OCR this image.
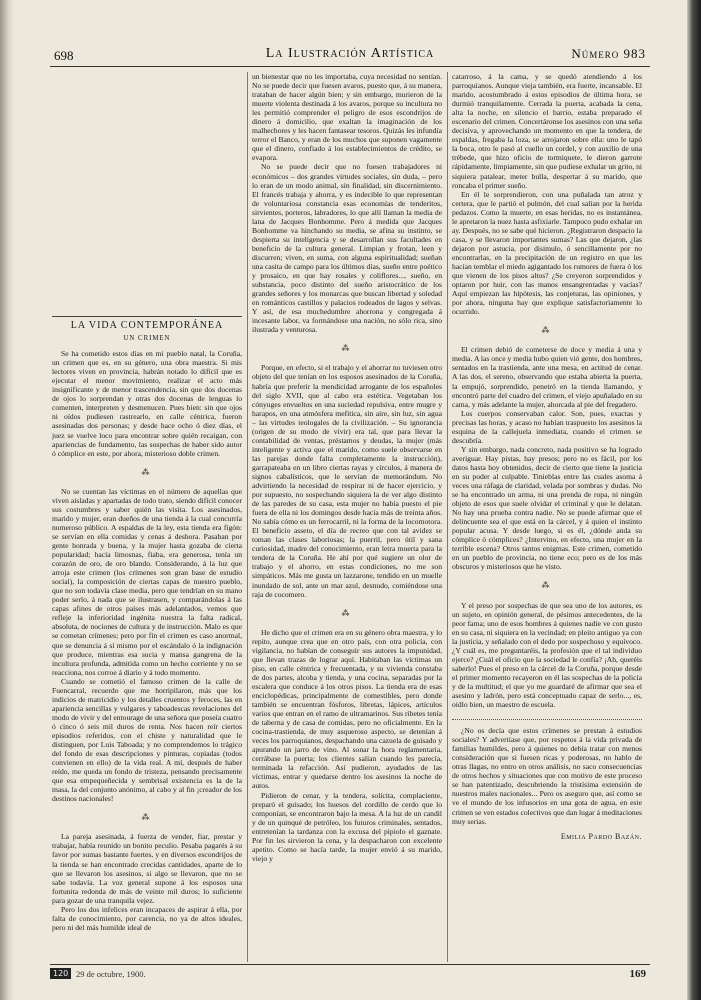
698	La Ilustración Artística	Número 983
LA VIDA CONTEMPORÁNEA
UN CRIMEN

Se ha cometido estos días en mi pueblo natal, la Coruña, un crimen que es, en su género, una obra maestra. Si mis lectores viven en provincia, habrán notado lo difícil que es ejecutar el menor movimiento, realizar el acto más insignificante y de menor trascendencia, sin que dos docenas de ojos lo sorprendan y otras dos docenas de lenguas lo comenten, interpreten y desmenucen. Pues bien: sin que ojos ni oídos pudiesen rastrearlo, en calle céntrica, fueron asesinadas dos personas; y desde hace ocho ó diez días, el juez se vuelve loco para encontrar sobre quién recaigan, con apariencias de fundamento, las sospechas de haber sido autor ó cómplice en este, por ahora, misterioso doble crimen.

⁂

No se cuentan las víctimas en el número de aquellas que viven aisladas y apartadas de todo trato, siendo difícil conocer sus costumbres y saber quién las visita. Los asesinados, marido y mujer, eran dueños de una tienda á la cual concurría numeroso público. A espaldas de la ley, esta tienda era figón: se servían en ella comidas y cenas á deshora. Pasaban por gente honrada y buena, y la mujer hasta gozaba de cierta popularidad; hacía limosnas, fiaba, era generosa, tenía un corazón de oro, de oro blando. Considerando, á la luz que arroja este crimen (los crímenes son gran base de estudio social), la composición de ciertas capas de nuestro pueblo, que no son todavía clase media, pero que tendrían en su mano poder serlo, á nada que se ilustrasen, y comparándolas á las capas afines de otros países más adelantados, vemos que refleje la inferioridad ingénita nuestra la falta radical, absoluta, de nociones de cultura y de instrucción. Malo es que se cometan crímenes; pero por fin el crimen es caso anormal, que se denuncia á sí mismo por el escándalo ó la indignación que produce, mientras esa sucia y mansa gangrena de la incultura profunda, admitida como un hecho corriente y no se reacciona, nos corroe á diario y á todo momento.

Cuando se cometió el famoso crimen de la calle de Fuencarral, recuerdo que me horripilaron, más que los indicios de matricidio y los detalles cruentos y feroces, las en apariencia sencillas y vulgares y taboadescas revelaciones del modo de vivir y del entourage de una señora que poseía cuatro ó cinco ó seis mil duros de renta. Nos hacen reír ciertos episodios referidos, con el chiste y naturalidad que le distinguen, por Luis Taboada; y no comprendemos lo trágico del fondo de esas descripciones y pinturas, copiadas (todos convienen en ello) de la vida real. A mí, después de haber reído, me queda un fondo de tristeza, pensando precisamente que esa empequeñecida y sembrisal existencia es la de la masa, la del conjunto anónimo, al cabo y al fin ¡creador de los destinos nacionales!

⁂

La pareja asesinada, á fuerza de vender, fiar, prestar y trabajar, había reunido un bonito peculio. Pesaba pagarés á su favor por sumas bastante fuertes, y en diversos escondrijos de la tienda se han encontrado crecidas cantidades, aparte de lo que se llevaron los asesinos, si algo se llevaron, que no se sabe todavía. La voz general supone á los esposos una fortunita redonda de más de veinte mil duros; lo suficiente para gozar de una tranquila vejez.

Pero los dos infelices eran incapaces de aspirar á ella, por falta de conocimiento, por carencia, no ya de altos ideales, pero ni del más humilde ideal de

un bienestar que no les importaba, cuya necesidad no sentían. No se puede decir que fuesen avaros, puesto que, á su manera, trataban de hacer algún bien; y sin embargo, murieron de la muerte violenta destinada á los avaros, porque su incultura no les permitió comprender el peligro de esos escondrijos de dinero á domicilio, que exaltan la imaginación de los malhechores y les hacen fantasear tesoros. Quizás les infundía terror el Banco, y eran de los muchos que suponen vagamente que el dinero, confiado á los establecimientos de crédito, se evapora.

No se puede decir que no fuesen trabajadores ni económicos – dos grandes virtudes sociales, sin duda, – pero lo eran de un modo animal, sin finalidad, sin discernimiento. El francés trabaja y ahorra, y es indecible lo que representan de voluntariosa constancia esas economías de tenderitos, sirvientes, porteros, labradores, lo que allí llaman la media de lana de Jacques Bonhomme. Pero á medida que Jacques Bonhomme va hinchando su media, se afina su instinto, se despierta su inteligencia y se desarrollan sus facultades en beneficio de la cultura general. Limpian y frotan, leen y discurren; viven, en suma, con alguna espiritualidad; sueñan una casita de campo para los últimos días, sueño entre poético y prosaico, en que hay rosales y coliflores..., sueño, en substancia, poco distinto del sueño aristocrático de los grandes señores y los monarcas que buscan libertad y soledad en románticos castillos y palacios rodeados de lagos y selvas. Y así, de esa muchedumbre ahorrona y congregada á incesante labor, va formándose una nación, no sólo rica, sino ilustrada y venturosa.

⁂

Porque, en efecto, si el trabajo y el ahorrar no tuviesen otro objeto del que tenían en los esposos asesinados de la Coruña, habría que preferir la mendicidad arrogante de los españoles del siglo XVII, que al cabo era estética. Vegetaban los cónyuges envueltos en una suciedad repulsiva, entre mugre y harapos, en una atmósfera mefítica, sin aire, sin luz, sin agua – las virtudes teologales de la civilización. – Su ignorancia (origen de su modo de vivir) era tal, que para llevar la contabilidad de ventas, préstamos y deudas, la mujer (más inteligente y activa que el marido, como suele observarse en las parejas donde falta completamente la instrucción), garrapateaba en un libro ciertas rayas y círculos, á manera de signos cabalísticos, que le servían de memorándum. No advirtiendo la necesidad de respirar ni de hacer ejercicio, y por supuesto, no sospechando siquiera la de ver algo distinto de las paredes de su casa, esta mujer no había puesto el pie fuera de ella ni los domingos desde hacía más de treinta años. No sabía cómo es un ferrocarril, ni la forma de la locomotora. El beneficio asseto, el día de recreo que con tal avidez se toman las clases laboriosas; la puerril, pero útil y sana curiosidad, madre del conocimiento, eran letra muerta para la tendera de la Coruña. He ahí por qué sugiere un olor de trabajo y el ahorro, en estas condiciones, no me son simpáticos. Más me gusta un lazzarone, tendido en un muelle inundado de sol, ante un mar azul, desnudo, comiéndose una raja de cocomero.

⁂

He dicho que el crimen era en su género obra maestra, y lo repito, aunque crea que en otro país, con otra policía, con vigilancia, no habían de conseguir sus autores la impunidad, que llevan trazas de lograr aquí. Habitaban las víctimas un piso, en calle céntrica y frecuentada, y su vivienda constaba de dos partes, alcoba y tienda, y una cocina, separadas por la escalera que conduce á los otros pisos. La tienda era de esas enciclopédicas, principalmente de comestibles, pero donde también se encuentran fósforos, libretas, lápices, artículos varios que entran en el ramo de ultramarinos. Sus ribetes tenía de taberna y de casa de comidas, pero no oficialmente. En la cocina-trastienda, de muy asqueroso aspecto, se detenían á veces los parroquianos, despachando una cazuela de guisado y apurando un jarro de vino. Al sonar la hora reglamentaria, cerrábase la puerta; los clientes salían cuando les parecía, terminada la refacción. Así pudieron, ayudados de las víctimas, entrar y quedarse dentro los asesinos la noche de autos.

Pidieron de cenar, y la tendera, solícita, complaciente, preparó el guisado; los huesos del cordillo de cerdo que lo componían, se encontraron bajo la mesa. A la luz de un candil y de un quinqué de petróleo, los futuros criminales, sentados, entretenían la tardanza con la excusa del pipiolo el gaznate. Por fin les sirvieron la cena, y la despacharon con excelente apetito. Como se hacía tarde, la mujer envió á su marido, viejo y

catarroso, á la cama, y se quedó atendiendo á los parroquianos. Aunque vieja también, era fuerte, incansable. El marido, acostumbrado á estos episodios de última hora, se durmió tranquilamente. Cerrada la puerta, acabada la cena, alta la noche, en silencio el barrio, estaba preparado el escenario del crimen. Concertáronse los asesinos con una seña decisiva, y aprovechando un momento en que la tendera, de espaldas, fregaba la loza, se arrojaron sobre ella: uno le tapó la boca, otro le pasó al cuello un cordel, y con auxilio de una trébede, que hizo oficio de tormiquete, le dieron garrote rápidamente, limpiamente, sin que pudiese exhalar un grito, ni siquiera patalear, meter bulla, despertar á su marido, que roncaba el primer sueño.

En él le sorprendieron, con una puñalada tan atroz y certera, que le partió el pulmón, del cual salían por la herida pedazos. Como la muerte, en esas heridas, no es instantánea, le apretaron la nuez hasta asfixiarle. Tampoco pudo exhalar un ay. Después, no se sabe qué hicieron. ¿Registraron despacio la casa, y se llevaron importantes sumas? Las que dejaron, ¿las dejaron por astucia, por disimulo, ó sencillamente por no encontrarlas, en la precipitación de un registro en que les hacían temblar el miedo agigantado los rumores de fuera ó los que vienen de los pisos altos? ¿Se creyeron sorprendidos y optaron por huir, con las manos ensangrentadas y vacías? Aquí empiezan las hipótesis, las conjeturas, las opiniones, y por ahora, ninguna hay que explique satisfactoriamente lo ocurrido.

⁂

El crimen debió de cometerse de doce y media á una y media. A las once y media hubo quien vió gente, dos hombres, sentados en la trastienda, ante una mesa, en actitud de cenar. A las dos, el sereno, observando que estaba abierta la puerta, la empujó, sorprendido, penetró en la tienda llamando, y encontró parte del cuadro del crimen, el viejo apuñalado en su cama, y más adelante la mujer, ahorcada al pie del fregadero.

Los cuerpos conservaban calor. Son, pues, exactas y precisas las horas, y acaso no habían traspuesto los asesinos la esquina de la callejuela inmediata, cuando el crimen se descubría.

Y sin embargo, nada concreto, nada positivo se ha logrado averiguar. Hay pistas, hay presos; pero no es fácil, por los datos hasta hoy obtenidos, decir de cierto que tiene la justicia en su poder al culpable. Tinieblas entre las cuales asoma á veces una ráfaga de claridad, velada por sombras y dudas. No se ha encontrado un arma, ni una prenda de ropa, ni ningún objeto de esos que suele olvidar el criminal y que le delatan. No hay una prueba contra nadie. No se puede afirmar que el delincuente sea el que está en la cárcel, y á quien el instinto popular acusa. Y desde luego, si es él, ¿dónde anda su cómplice ó cómplices? ¿Intervino, en efecto, una mujer en la terrible escena? Otros tantos enigmas. Este crimen, cometido en un pueblo de provincia, no tiene eco; pero es de los más obscuros y misteriosos que he visto.

⁂

Y el preso por sospechas de que sea uno de los autores, es un sujeto, en opinión general, de pésimos antecedentes, de la peor fama; uno de esos hombres á quienes nadie ve con gusto en su casa, ni siquiera en la vecindad; en pleito antiguo ya con la justicia, y señalado con el dedo por sospechoso y equívoco. ¿Y cuál es, me preguntaréis, la profesión que el tal individuo ejerce? ¿Cuál el oficio que la sociedad le confía? ¡Ah, queréis saberlo! Pues el preso en la cárcel de la Coruña, porque desde el primer momento recayeron en él las sospechas de la policía y de la multitud; el que yo me guardaré de afirmar que sea el asesino y ladrón, pero está conceptuado capaz de serlo..., es, oídlo bien, un maestro de escuela.

¿No os decía que estos crímenes se prestan á estudios sociales? Y advertíase que, por respetos á la vida privada de familias humildes, pero á quienes no debía tratar con menos consideración que si fuesen ricas y poderosas, no hablo de otras llagas, no entro en otros análisis, no saco consecuencias de otros hechos y situaciones que con motivo de este proceso se han patentizado, descubriendo la tristísima extensión de nuestros males nacionales... Pero os aseguro que, así como se ve el mundo de los infusorios en una gota de agua, en este crimen se ven estados colectivos que dan lugar á meditaciones muy serias.

Emilia Pardo Bazán.
120 29 de octubre, 1900.	169
